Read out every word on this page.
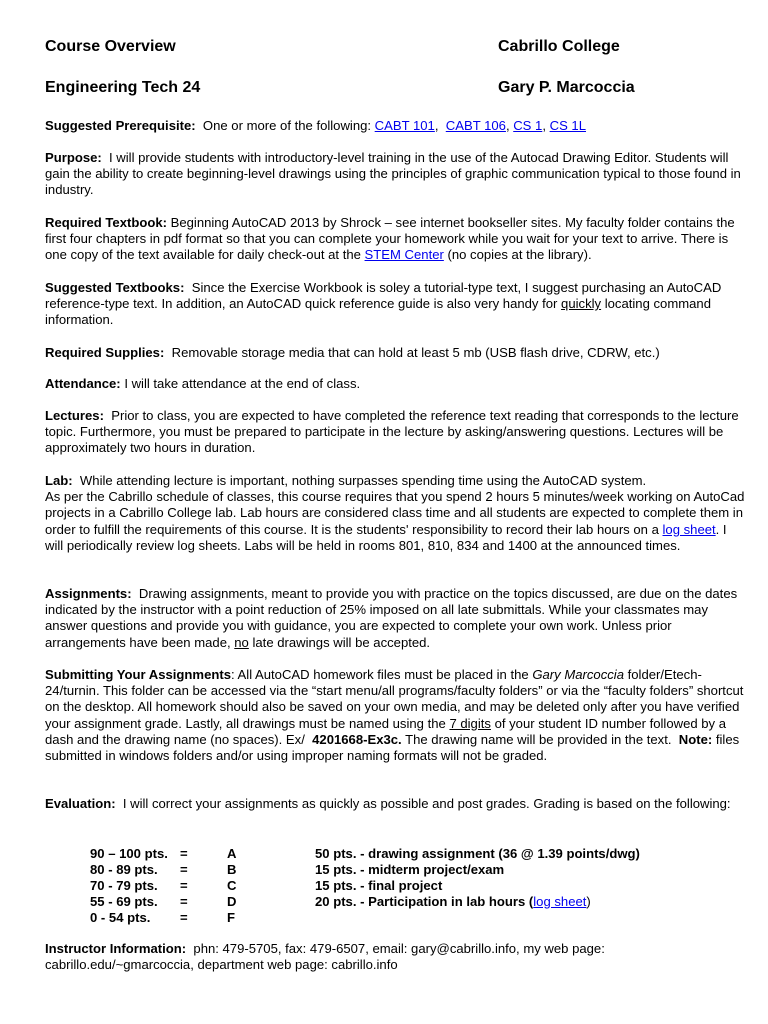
Course Overview	Cabrillo College
Engineering Tech 24	Gary P. Marcoccia
Suggested Prerequisite: One or more of the following: CABT 101, CABT 106, CS 1, CS 1L
Purpose: I will provide students with introductory-level training in the use of the Autocad Drawing Editor. Students will gain the ability to create beginning-level drawings using the principles of graphic communication typical to those found in industry.
Required Textbook: Beginning AutoCAD 2013 by Shrock – see internet bookseller sites. My faculty folder contains the first four chapters in pdf format so that you can complete your homework while you wait for your text to arrive. There is one copy of the text available for daily check-out at the STEM Center (no copies at the library).
Suggested Textbooks: Since the Exercise Workbook is soley a tutorial-type text, I suggest purchasing an AutoCAD reference-type text. In addition, an AutoCAD quick reference guide is also very handy for quickly locating command information.
Required Supplies: Removable storage media that can hold at least 5 mb (USB flash drive, CDRW, etc.)
Attendance: I will take attendance at the end of class.
Lectures: Prior to class, you are expected to have completed the reference text reading that corresponds to the lecture topic. Furthermore, you must be prepared to participate in the lecture by asking/answering questions. Lectures will be approximately two hours in duration.
Lab: While attending lecture is important, nothing surpasses spending time using the AutoCAD system.
As per the Cabrillo schedule of classes, this course requires that you spend 2 hours 5 minutes/week working on AutoCad projects in a Cabrillo College lab. Lab hours are considered class time and all students are expected to complete them in order to fulfill the requirements of this course. It is the students' responsibility to record their lab hours on a log sheet. I will periodically review log sheets. Labs will be held in rooms 801, 810, 834 and 1400 at the announced times.
Assignments: Drawing assignments, meant to provide you with practice on the topics discussed, are due on the dates indicated by the instructor with a point reduction of 25% imposed on all late submittals. While your classmates may answer questions and provide you with guidance, you are expected to complete your own work. Unless prior arrangements have been made, no late drawings will be accepted.
Submitting Your Assignments: All AutoCAD homework files must be placed in the Gary Marcoccia folder/Etech-24/turnin. This folder can be accessed via the “start menu/all programs/faculty folders” or via the “faculty folders” shortcut on the desktop. All homework should also be saved on your own media, and may be deleted only after you have verified your assignment grade. Lastly, all drawings must be named using the 7 digits of your student ID number followed by a dash and the drawing name (no spaces). Ex/ 4201668-Ex3c. The drawing name will be provided in the text. Note: files submitted in windows folders and/or using improper naming formats will not be graded.
Evaluation: I will correct your assignments as quickly as possible and post grades. Grading is based on the following:
90 – 100 pts. =	A	50 pts. - drawing assignment (36 @ 1.39 points/dwg)
80 - 89 pts. =	B	15 pts. - midterm project/exam
70 - 79 pts. =	C	15 pts. - final project
55 - 69 pts. =	D	20 pts. - Participation in lab hours (log sheet)
0 - 54 pts. =	F
Instructor Information: phn: 479-5705, fax: 479-6507, email: gary@cabrillo.info, my web page: cabrillo.edu/~gmarcoccia, department web page: cabrillo.info
